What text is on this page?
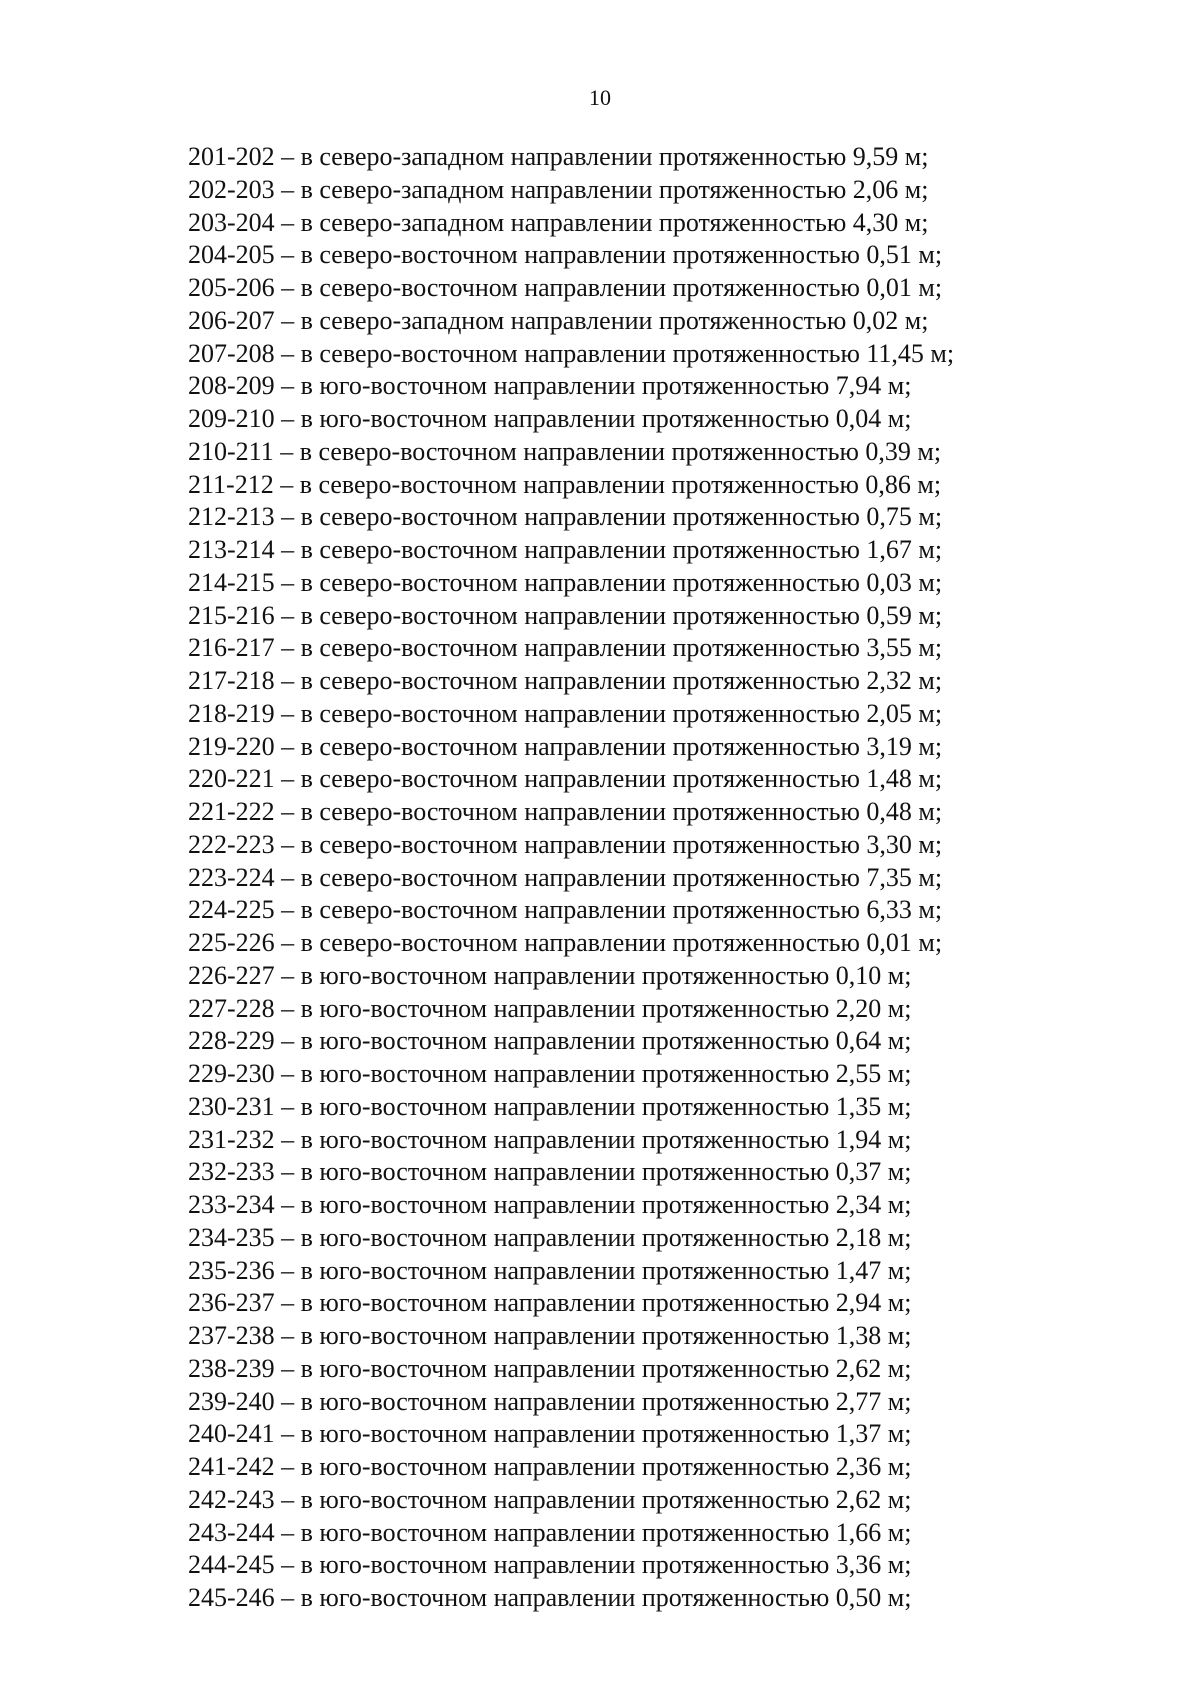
10
201-202 – в северо-западном направлении протяженностью 9,59 м;
202-203 – в северо-западном направлении протяженностью 2,06 м;
203-204 – в северо-западном направлении протяженностью 4,30 м;
204-205 – в северо-восточном направлении протяженностью 0,51 м;
205-206 – в северо-восточном направлении протяженностью 0,01 м;
206-207 – в северо-западном направлении протяженностью 0,02 м;
207-208 – в северо-восточном направлении протяженностью 11,45 м;
208-209 – в юго-восточном направлении протяженностью 7,94 м;
209-210 – в юго-восточном направлении протяженностью 0,04 м;
210-211 – в северо-восточном направлении протяженностью 0,39 м;
211-212 – в северо-восточном направлении протяженностью 0,86 м;
212-213 – в северо-восточном направлении протяженностью 0,75 м;
213-214 – в северо-восточном направлении протяженностью 1,67 м;
214-215 – в северо-восточном направлении протяженностью 0,03 м;
215-216 – в северо-восточном направлении протяженностью 0,59 м;
216-217 – в северо-восточном направлении протяженностью 3,55 м;
217-218 – в северо-восточном направлении протяженностью 2,32 м;
218-219 – в северо-восточном направлении протяженностью 2,05 м;
219-220 – в северо-восточном направлении протяженностью 3,19 м;
220-221 – в северо-восточном направлении протяженностью 1,48 м;
221-222 – в северо-восточном направлении протяженностью 0,48 м;
222-223 – в северо-восточном направлении протяженностью 3,30 м;
223-224 – в северо-восточном направлении протяженностью 7,35 м;
224-225 – в северо-восточном направлении протяженностью 6,33 м;
225-226 – в северо-восточном направлении протяженностью 0,01 м;
226-227 – в юго-восточном направлении протяженностью 0,10 м;
227-228 – в юго-восточном направлении протяженностью 2,20 м;
228-229 – в юго-восточном направлении протяженностью 0,64 м;
229-230 – в юго-восточном направлении протяженностью 2,55 м;
230-231 – в юго-восточном направлении протяженностью 1,35 м;
231-232 – в юго-восточном направлении протяженностью 1,94 м;
232-233 – в юго-восточном направлении протяженностью 0,37 м;
233-234 – в юго-восточном направлении протяженностью 2,34 м;
234-235 – в юго-восточном направлении протяженностью 2,18 м;
235-236 – в юго-восточном направлении протяженностью 1,47 м;
236-237 – в юго-восточном направлении протяженностью 2,94 м;
237-238 – в юго-восточном направлении протяженностью 1,38 м;
238-239 – в юго-восточном направлении протяженностью 2,62 м;
239-240 – в юго-восточном направлении протяженностью 2,77 м;
240-241 – в юго-восточном направлении протяженностью 1,37 м;
241-242 – в юго-восточном направлении протяженностью 2,36 м;
242-243 – в юго-восточном направлении протяженностью 2,62 м;
243-244 – в юго-восточном направлении протяженностью 1,66 м;
244-245 – в юго-восточном направлении протяженностью 3,36 м;
245-246 – в юго-восточном направлении протяженностью 0,50 м;
